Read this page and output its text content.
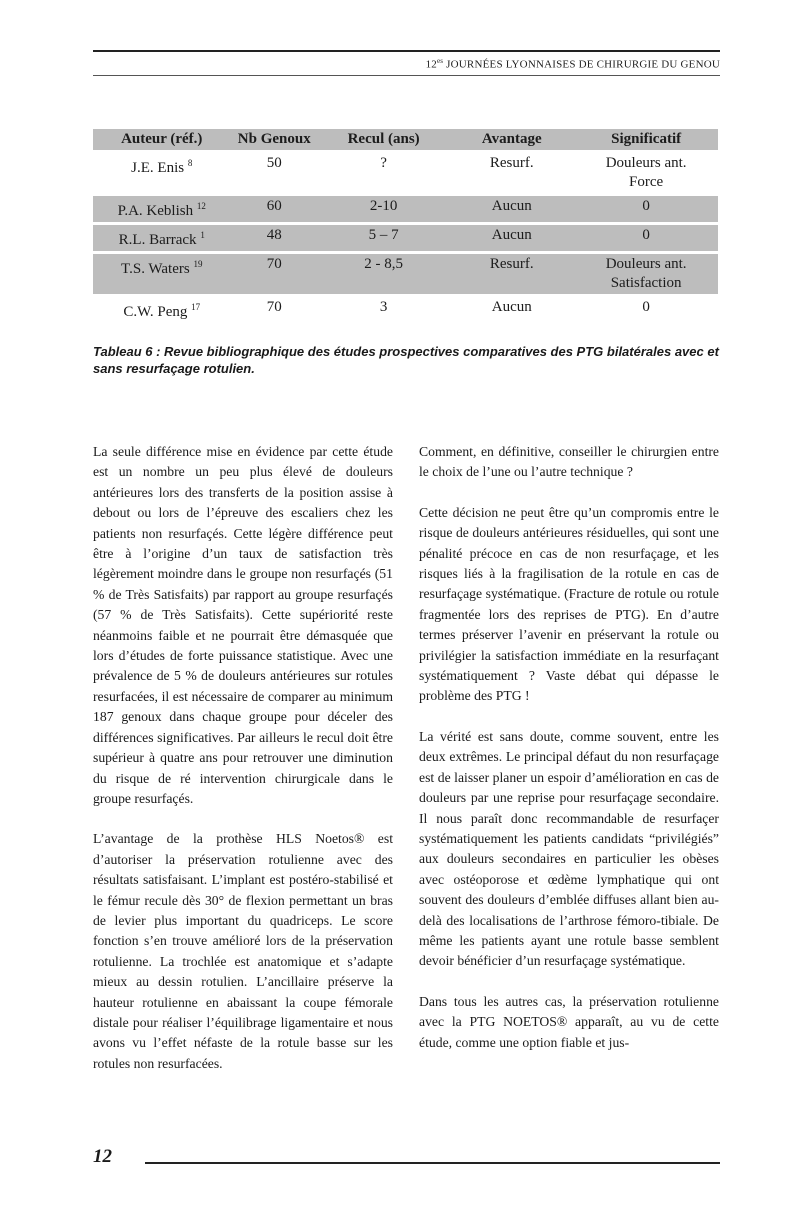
$12^{es}$ JOURNÉES LYONNAISES DE CHIRURGIE DU GENOU
Auteur (réf.)	Nb Genoux	Recul (ans)	Avantage	Significatif
J.E. Enis $^8$	50	?	Resurf.	Douleurs ant.
Force

P.A. Keblish $^{12}$	60	2-10	Aucun	0
R.L. Barrack $^1$	48	5 – 7	Aucun	0
T.S. Waters $^{19}$	70	2 - 8,5	Resurf.	Douleurs ant.
Satisfaction

C.W. Peng $^{17}$	70	3	Aucun	0
Tableau 6 : Revue bibliographique des études prospectives comparatives des PTG bilatérales avec et sans resurfaçage rotulien.

La seule différence mise en évidence par cette étude est un nombre un peu plus élevé de douleurs antérieures lors des transferts de la position assise à debout ou lors de l’épreuve des escaliers chez les patients non resurfaçés. Cette légère différence peut être à l’origine d’un taux de satisfaction très légèrement moindre dans le groupe non resurfaçés (51 % de Très Satisfaits) par rapport au groupe resurfaçés (57 % de Très Satisfaits). Cette supériorité reste néanmoins faible et ne pourrait être démasquée que lors d’études de forte puissance statistique. Avec une prévalence de 5 % de douleurs antérieures sur rotules resurfacées, il est nécessaire de comparer au minimum 187 genoux dans chaque groupe pour déceler des différences significatives. Par ailleurs le recul doit être supérieur à quatre ans pour retrouver une diminution du risque de ré intervention chirurgicale dans le groupe resurfaçés.

L’avantage de la prothèse HLS Noetos® est d’autoriser la préservation rotulienne avec des résultats satisfaisant. L’implant est postéro-stabilisé et le fémur recule dès 30° de flexion permettant un bras de levier plus important du quadriceps. Le score fonction s’en trouve amélioré lors de la préservation rotulienne. La trochlée est anatomique et s’adapte mieux au dessin rotulien. L’ancillaire préserve la hauteur rotulienne en abaissant la coupe fémorale distale pour réaliser l’équilibrage ligamentaire et nous avons vu l’effet néfaste de la rotule basse sur les rotules non resurfacées.

Comment, en définitive, conseiller le chirurgien entre le choix de l’une ou l’autre technique ?

Cette décision ne peut être qu’un compromis entre le risque de douleurs antérieures résiduelles, qui sont une pénalité précoce en cas de non resurfaçage, et les risques liés à la fragilisation de la rotule en cas de resurfaçage systématique. (Fracture de rotule ou rotule fragmentée lors des reprises de PTG). En d’autre termes préserver l’avenir en préservant la rotule ou privilégier la satisfaction immédiate en la resurfaçant systématiquement ? Vaste débat qui dépasse le problème des PTG !

La vérité est sans doute, comme souvent, entre les deux extrêmes. Le principal défaut du non resurfaçage est de laisser planer un espoir d’amélioration en cas de douleurs par une reprise pour resurfaçage secondaire. Il nous paraît donc recommandable de resurfaçer systématiquement les patients candidats “privilégiés” aux douleurs secondaires en particulier les obèses avec ostéoporose et œdème lymphatique qui ont souvent des douleurs d’emblée diffuses allant bien au-delà des localisations de l’arthrose fémoro-tibiale. De même les patients ayant une rotule basse semblent devoir bénéficier d’un resurfaçage systématique.

Dans tous les autres cas, la préservation rotulienne avec la PTG NOETOS® apparaît, au vu de cette étude, comme une option fiable et jus-

12
